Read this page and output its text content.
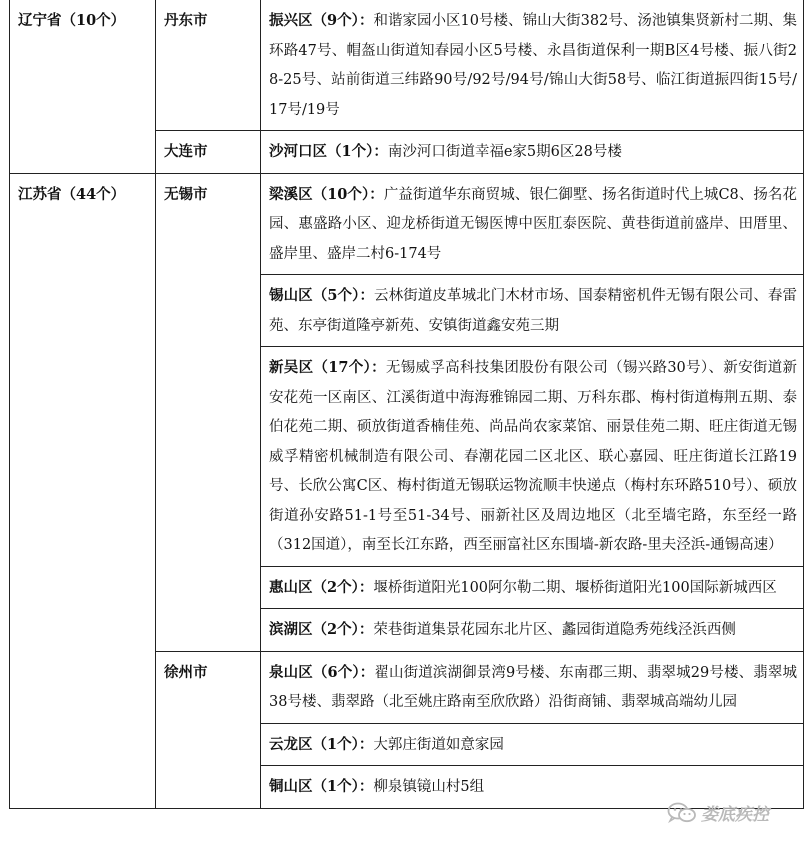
辽宁省（10个）	丹东市	振兴区（9个）：和谐家园小区10号楼、锦山大街382号、汤池镇集贤新村二期、集环路47号、帽盔山街道知春园小区5号楼、永昌街道保利一期B区4号楼、振八街28-25号、站前街道三纬路90号/92号/94号/锦山大街58号、临江街道振四街15号/17号/19号
	大连市	沙河口区（1个）：南沙河口街道幸福e家5期6区28号楼
江苏省（44个）	无锡市	梁溪区（10个）：广益街道华东商贸城、银仁御墅、扬名街道时代上城C8、扬名花园、惠盛路小区、迎龙桥街道无锡医博中医肛泰医院、黄巷街道前盛岸、田厝里、盛岸里、盛岸二村6-174号
		锡山区（5个）：云林街道皮革城北门木材市场、国泰精密机件无锡有限公司、春雷苑、东亭街道隆亭新苑、安镇街道鑫安苑三期
		新吴区（17个）：无锡威孚高科技集团股份有限公司（锡兴路30号）、新安街道新安花苑一区南区、江溪街道中海海雅锦园二期、万科东郡、梅村街道梅荆五期、泰伯花苑二期、硕放街道香楠佳苑、尚品尚农家菜馆、丽景佳苑二期、旺庄街道无锡威孚精密机械制造有限公司、春潮花园二区北区、联心嘉园、旺庄街道长江路19号、长欣公寓C区、梅村街道无锡联运物流顺丰快递点（梅村东环路510号）、硕放街道孙安路51-1号至51-34号、丽新社区及周边地区（北至墙宅路，东至经一路（312国道），南至长江东路，西至丽富社区东围墙-新农路-里夫泾浜-通锡高速）
		惠山区（2个）：堰桥街道阳光100阿尔勒二期、堰桥街道阳光100国际新城西区
		滨湖区（2个）：荣巷街道集景花园东北片区、蠡园街道隐秀苑线泾浜西侧
	徐州市	泉山区（6个）：翟山街道滨湖御景湾9号楼、东南郡三期、翡翠城29号楼、翡翠城38号楼、翡翠路（北至姚庄路南至欣欣路）沿街商铺、翡翠城高端幼儿园
		云龙区（1个）：大郭庄街道如意家园
		铜山区（1个）：柳泉镇镜山村5组
娄底疾控
